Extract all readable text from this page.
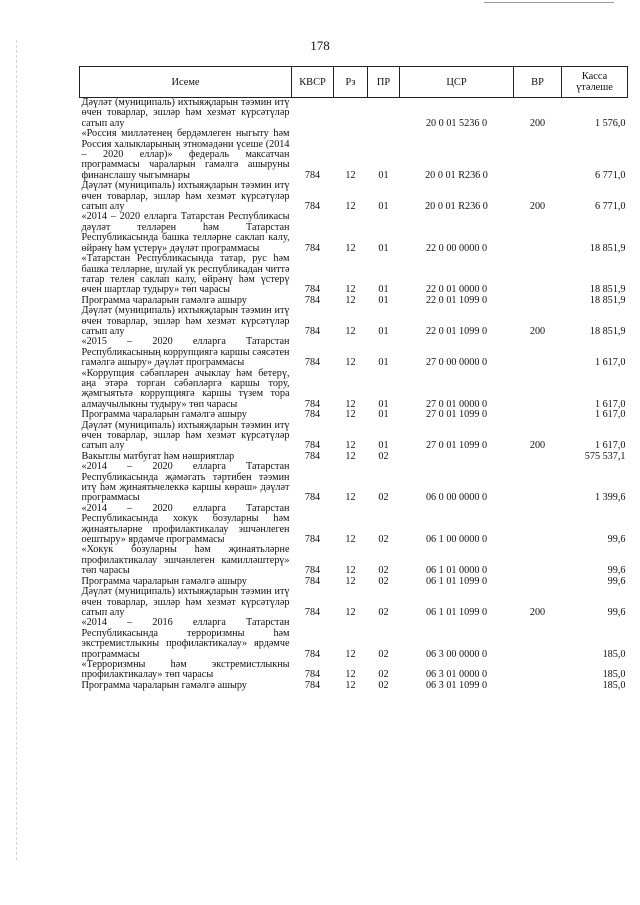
178
Исеме	КВСР	Рз	ПР	ЦСР	ВР	Касса үтәлеше
Дәүләт (муниципаль) ихтыяҗларын тәэмин итү өчен товарлар, эшләр һәм хезмәт күрсәтүләр сатып алу				20 0 01 5236 0	200	1 576,0
«Россия милләтенең бердәмлеген ныгыту һәм Россия халыкларының этномәдәни үсеше (2014 – 2020 еллар)» федераль максатчан программасы чараларын гамәлгә ашыруны финанслашу чыгымнары	784	12	01	20 0 01 R236 0		6 771,0
Дәүләт (муниципаль) ихтыяҗларын тәэмин итү өчен товарлар, эшләр һәм хезмәт күрсәтүләр сатып алу	784	12	01	20 0 01 R236 0	200	6 771,0
«2014 – 2020 елларга Татарстан Республикасы дәүләт телләрен һәм Татарстан Республикасында башка телләрне саклап калу, өйрәнү һәм үстерү» дәүләт программасы	784	12	01	22 0 00 0000 0		18 851,9
«Татарстан Республикасында татар, рус һәм башка телләрне, шулай ук республикадан читтә татар телен саклап калу, өйрәнү һәм үстерү өчен шартлар тудыру» төп чарасы	784	12	01	22 0 01 0000 0		18 851,9
Программа чараларын гамәлгә ашыру	784	12	01	22 0 01 1099 0		18 851,9
Дәүләт (муниципаль) ихтыяҗларын тәэмин итү өчен товарлар, эшләр һәм хезмәт күрсәтүләр сатып алу	784	12	01	22 0 01 1099 0	200	18 851,9
«2015 – 2020 елларга Татарстан Республикасының коррупциягә каршы сәясәтен гамәлгә ашыру» дәүләт программасы	784	12	01	27 0 00 0000 0		1 617,0
«Коррупция сәбәпләрен ачыклау һәм бетерү, аңа этәрә торган сәбәпләргә каршы тору, җәмгыятьтә коррупциягә каршы түзем тора алмаучылыкны тудыру» төп чарасы	784	12	01	27 0 01 0000 0		1 617,0
Программа чараларын гамәлгә ашыру	784	12	01	27 0 01 1099 0		1 617,0
Дәүләт (муниципаль) ихтыяҗларын тәэмин итү өчен товарлар, эшләр һәм хезмәт күрсәтүләр сатып алу	784	12	01	27 0 01 1099 0	200	1 617,0
Вакытлы матбугат һәм нәшриятлар	784	12	02			575 537,1
«2014 – 2020 елларга Татарстан Республикасында җәмәгать тәртибен тәэмин итү һәм җинаятьчелеккә каршы көрәш» дәүләт программасы	784	12	02	06 0 00 0000 0		1 399,6
«2014 – 2020 елларга Татарстан Республикасында хокук бозуларны һәм җинаятьләрне профилактикалау эшчәнлеген оештыру» ярдәмче программасы	784	12	02	06 1 00 0000 0		99,6
«Хокук бозуларны һәм җинаятьләрне профилактикалау эшчәнлеген камилләштерү» төп чарасы	784	12	02	06 1 01 0000 0		99,6
Программа чараларын гамәлгә ашыру	784	12	02	06 1 01 1099 0		99,6
Дәүләт (муниципаль) ихтыяҗларын тәэмин итү өчен товарлар, эшләр һәм хезмәт күрсәтүләр сатып алу	784	12	02	06 1 01 1099 0	200	99,6
«2014 – 2016 елларга Татарстан Республикасында терроризмны һәм экстремистлыкны профилактикалау» ярдәмче программасы	784	12	02	06 3 00 0000 0		185,0
«Терроризмны һәм экстремистлыкны профилактикалау» төп чарасы	784	12	02	06 3 01 0000 0		185,0
Программа чараларын гамәлгә ашыру	784	12	02	06 3 01 1099 0		185,0
